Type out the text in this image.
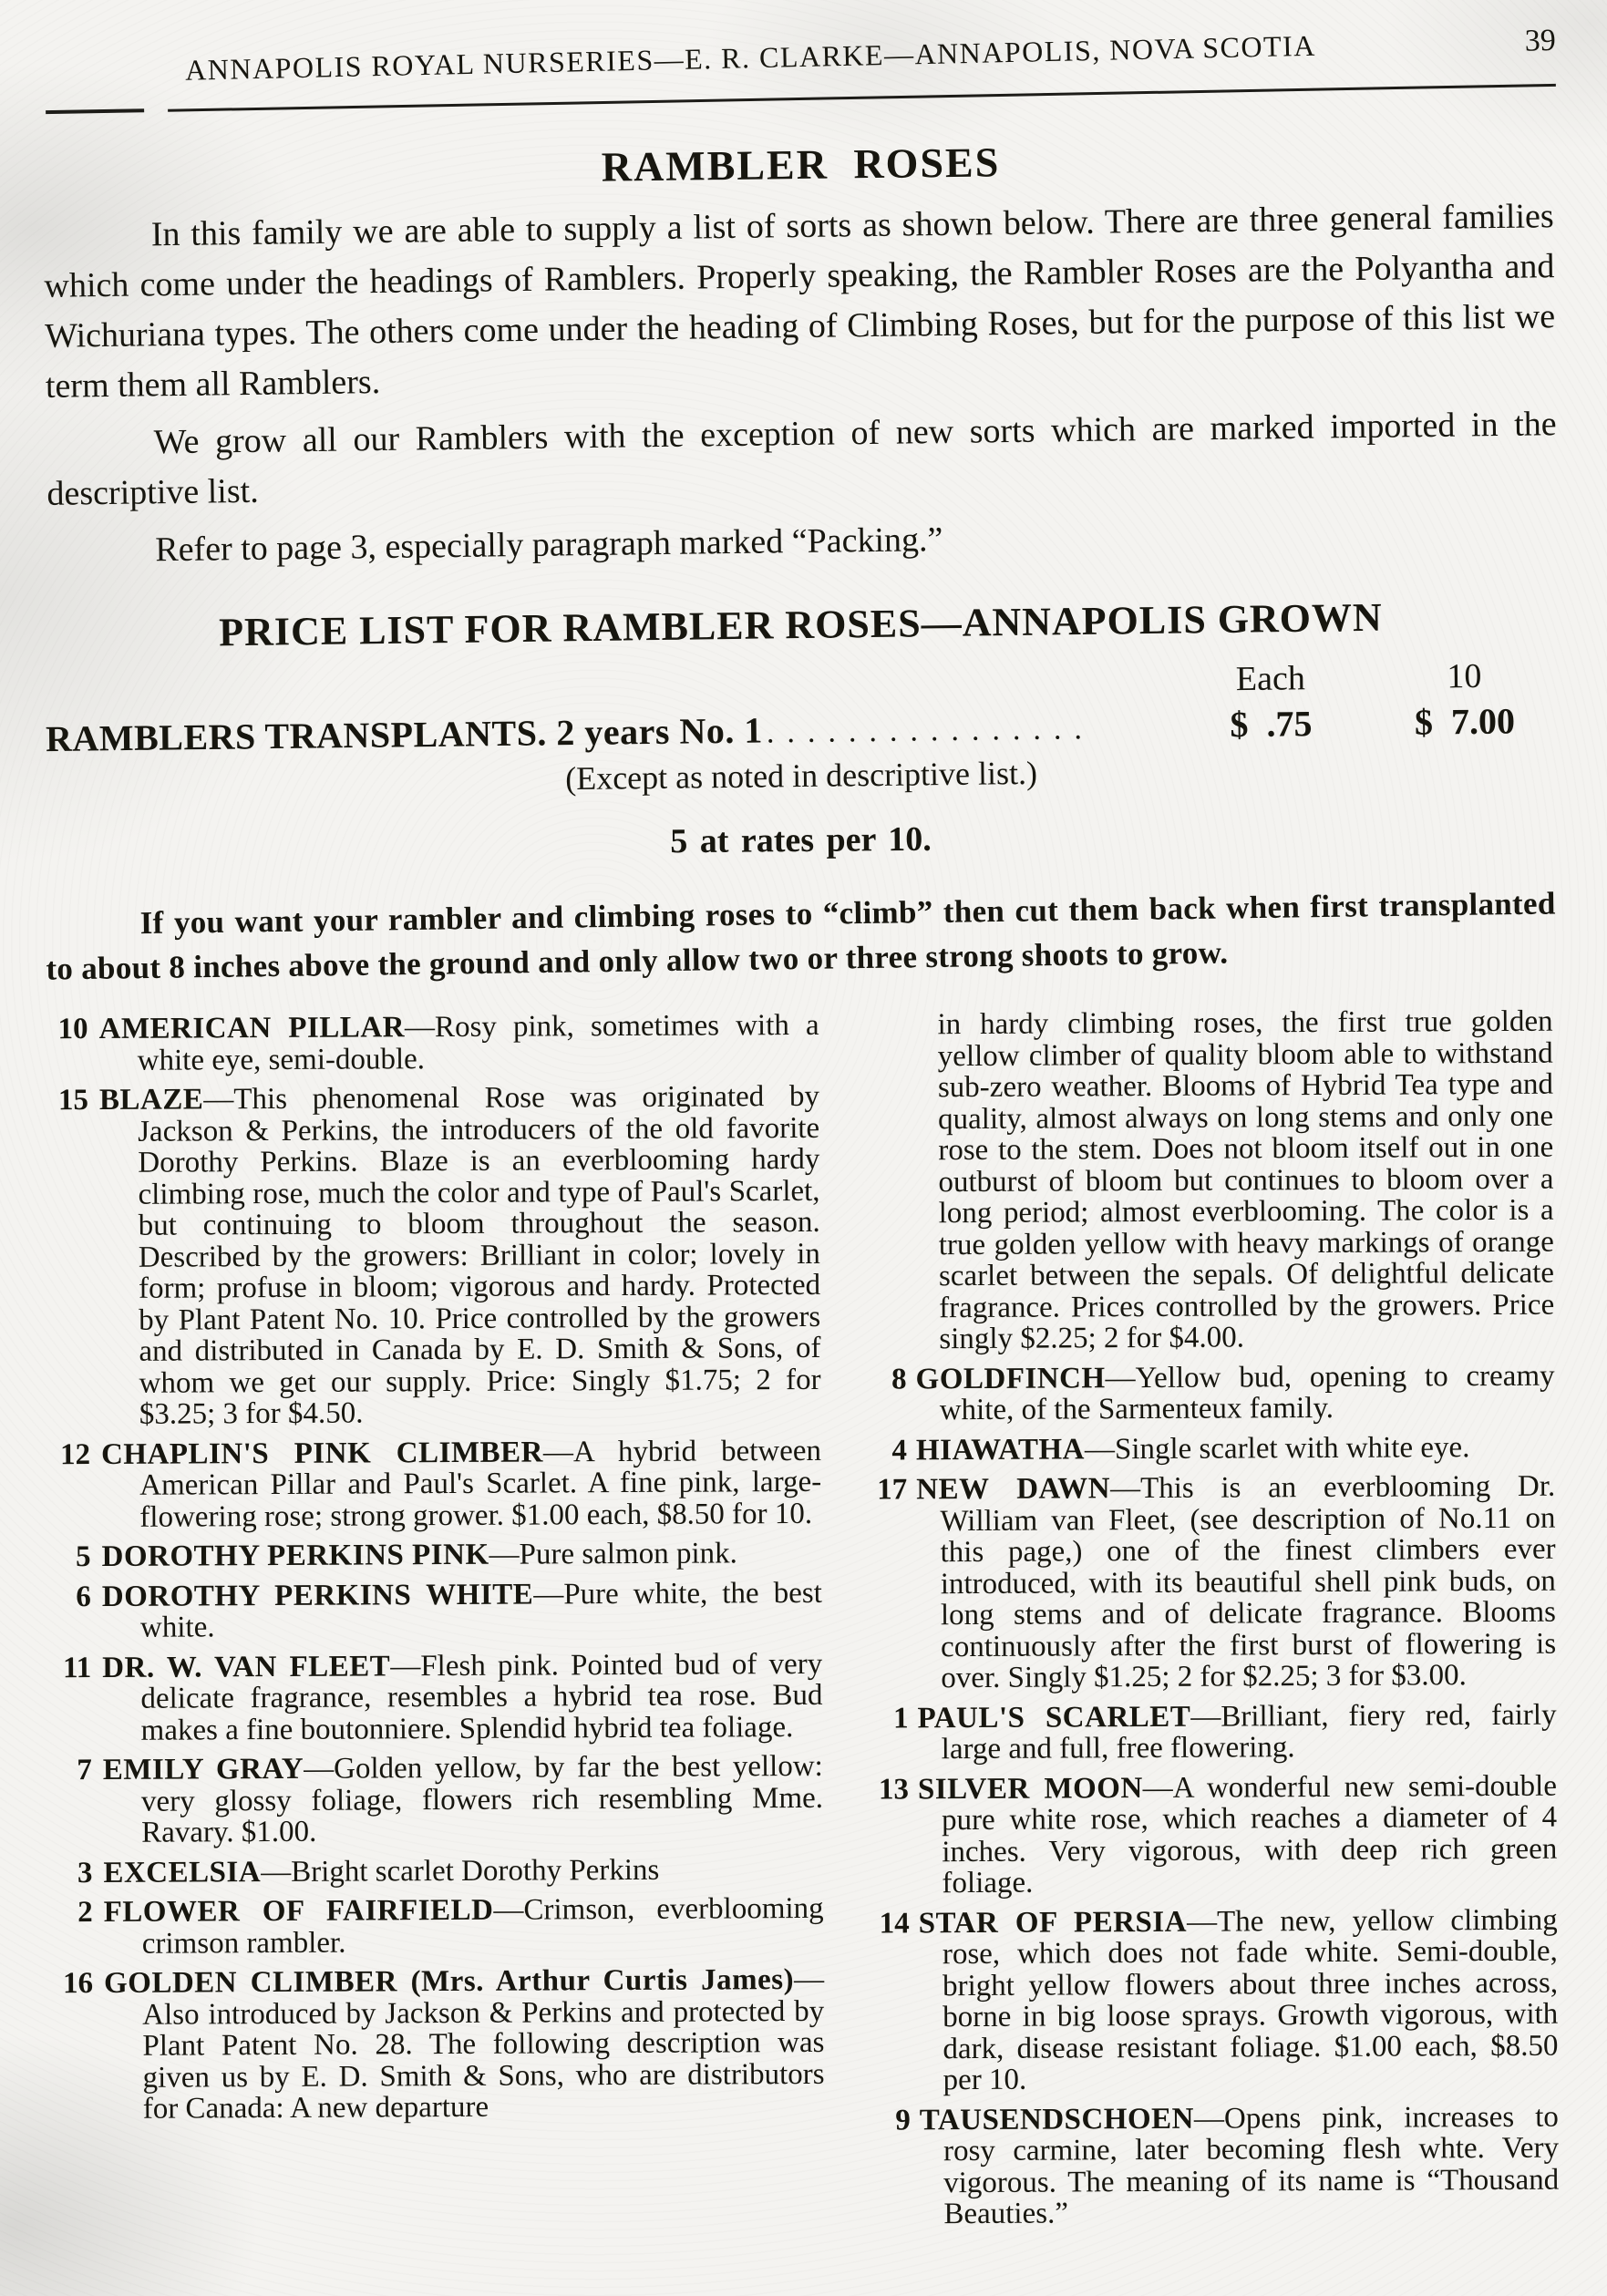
ANNAPOLIS ROYAL NURSERIES—E. R. CLARKE—ANNAPOLIS, NOVA SCOTIA	39
RAMBLER ROSES

In this family we are able to supply a list of sorts as shown below. There are three general families which come under the headings of Ramblers. Properly speaking, the Rambler Roses are the Polyantha and Wichuriana types. The others come under the heading of Climbing Roses, but for the purpose of this list we term them all Ramblers.

We grow all our Ramblers with the exception of new sorts which are marked imported in the descriptive list.

Refer to page 3, especially paragraph marked “Packing.”

PRICE LIST FOR RAMBLER ROSES—ANNAPOLIS GROWN
Each	10
RAMBLERS TRANSPLANTS. 2 years No. 1 ................	$  .75	$  7.00
(Except as noted in descriptive list.)
5 at rates per 10.
If you want your rambler and climbing roses to “climb” then cut them back when first transplanted to about 8 inches above the ground and only allow two or three strong shoots to grow.
10 AMERICAN PILLAR—Rosy pink, sometimes with a white eye, semi-double.
15 BLAZE—This phenomenal Rose was originated by Jackson & Perkins, the introducers of the old favorite Dorothy Perkins. Blaze is an everblooming hardy climbing rose, much the color and type of Paul's Scarlet, but continuing to bloom throughout the season. Described by the growers: Brilliant in color; lovely in form; profuse in bloom; vigorous and hardy. Protected by Plant Patent No. 10. Price controlled by the growers and distributed in Canada by E. D. Smith & Sons, of whom we get our supply. Price: Singly $1.75; 2 for $3.25; 3 for $4.50.
12 CHAPLIN'S PINK CLIMBER—A hybrid between American Pillar and Paul's Scarlet. A fine pink, large-flowering rose; strong grower. $1.00 each, $8.50 for 10.
5 DOROTHY PERKINS PINK—Pure salmon pink.
6 DOROTHY PERKINS WHITE—Pure white, the best white.
11 DR. W. VAN FLEET—Flesh pink. Pointed bud of very delicate fragrance, resembles a hybrid tea rose. Bud makes a fine boutonniere. Splendid hybrid tea foliage.
7 EMILY GRAY—Golden yellow, by far the best yellow: very glossy foliage, flowers rich resembling Mme. Ravary. $1.00.
3 EXCELSIA—Bright scarlet Dorothy Perkins
2 FLOWER OF FAIRFIELD—Crimson, everblooming crimson rambler.
16 GOLDEN CLIMBER (Mrs. Arthur Curtis James)—Also introduced by Jackson & Perkins and protected by Plant Patent No. 28. The following description was given us by E. D. Smith & Sons, who are distributors for Canada: A new departure
in hardy climbing roses, the first true golden yellow climber of quality bloom able to withstand sub-zero weather. Blooms of Hybrid Tea type and quality, almost always on long stems and only one rose to the stem. Does not bloom itself out in one outburst of bloom but continues to bloom over a long period; almost everblooming. The color is a true golden yellow with heavy markings of orange scarlet between the sepals. Of delightful delicate fragrance. Prices controlled by the growers. Price singly $2.25; 2 for $4.00.
8 GOLDFINCH—Yellow bud, opening to creamy white, of the Sarmenteux family.
4 HIAWATHA—Single scarlet with white eye.
17 NEW DAWN—This is an everblooming Dr. William van Fleet, (see description of No.11 on this page,) one of the finest climbers ever introduced, with its beautiful shell pink buds, on long stems and of delicate fragrance. Blooms continuously after the first burst of flowering is over. Singly $1.25; 2 for $2.25; 3 for $3.00.
1 PAUL'S SCARLET—Brilliant, fiery red, fairly large and full, free flowering.
13 SILVER MOON—A wonderful new semi-double pure white rose, which reaches a diameter of 4 inches. Very vigorous, with deep rich green foliage.
14 STAR OF PERSIA—The new, yellow climbing rose, which does not fade white. Semi-double, bright yellow flowers about three inches across, borne in big loose sprays. Growth vigorous, with dark, disease resistant foliage. $1.00 each, $8.50 per 10.
9 TAUSENDSCHOEN—Opens pink, increases to rosy carmine, later becoming flesh whte. Very vigorous. The meaning of its name is “Thousand Beauties.”
